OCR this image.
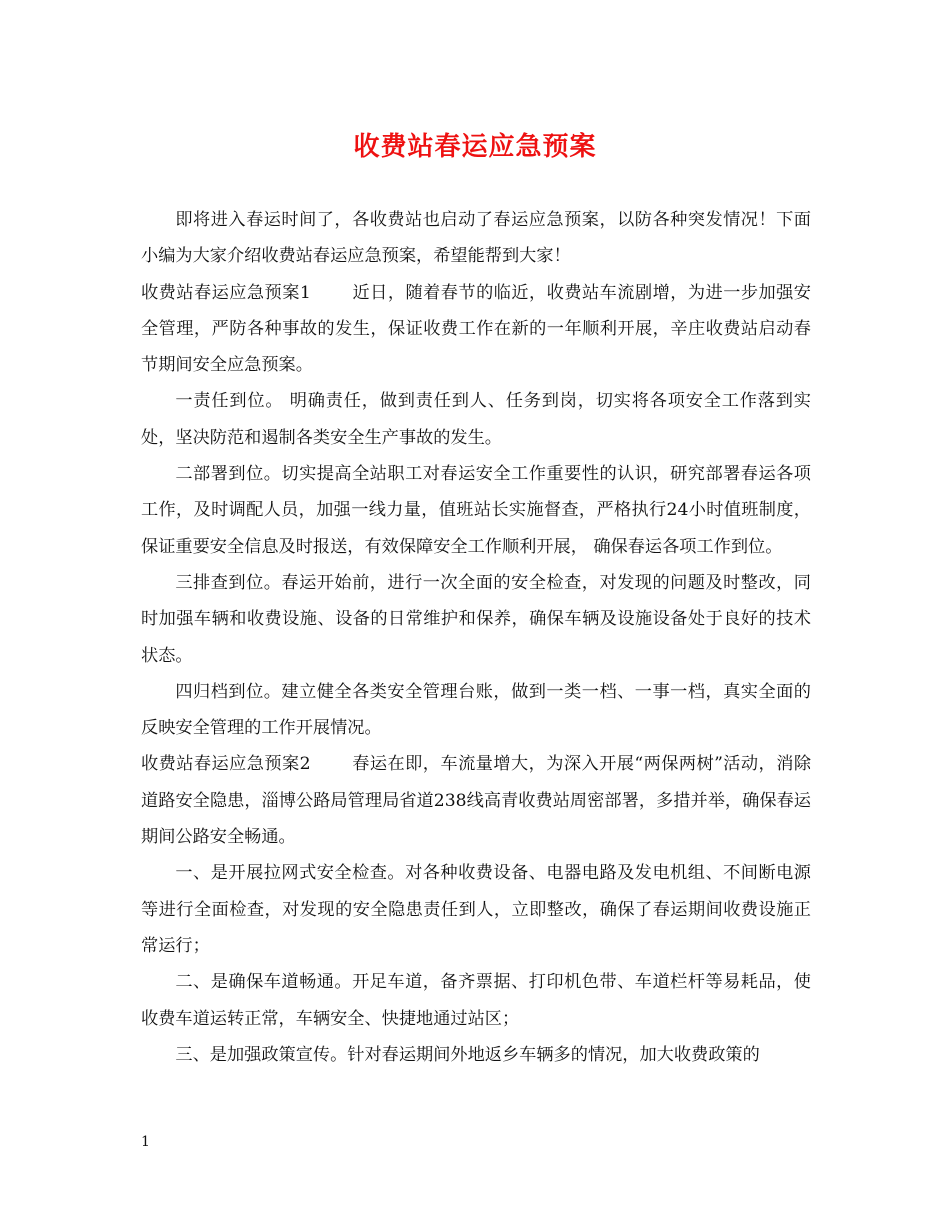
收费站春运应急预案

即将进入春运时间了，各收费站也启动了春运应急预案，以防各种突发情况！下面小编为大家介绍收费站春运应急预案，希望能帮到大家！

收费站春运应急预案1 近日，随着春节的临近，收费站车流剧增，为进一步加强安全管理，严防各种事故的发生，保证收费工作在新的一年顺利开展，辛庄收费站启动春节期间安全应急预案。

一责任到位。 明确责任，做到责任到人、任务到岗，切实将各项安全工作落到实处，坚决防范和遏制各类安全生产事故的发生。

二部署到位。切实提高全站职工对春运安全工作重要性的认识，研究部署春运各项工作，及时调配人员，加强一线力量，值班站长实施督查，严格执行24小时值班制度，保证重要安全信息及时报送，有效保障安全工作顺利开展， 确保春运各项工作到位。

三排查到位。春运开始前，进行一次全面的安全检查，对发现的问题及时整改，同时加强车辆和收费设施、设备的日常维护和保养，确保车辆及设施设备处于良好的技术状态。

四归档到位。建立健全各类安全管理台账，做到一类一档、一事一档，真实全面的反映安全管理的工作开展情况。

收费站春运应急预案2 春运在即，车流量增大，为深入开展“两保两树”活动，消除道路安全隐患，淄博公路局管理局省道238线高青收费站周密部署，多措并举，确保春运期间公路安全畅通。

一、是开展拉网式安全检查。对各种收费设备、电器电路及发电机组、不间断电源等进行全面检查，对发现的安全隐患责任到人，立即整改，确保了春运期间收费设施正常运行；

二、是确保车道畅通。开足车道，备齐票据、打印机色带、车道栏杆等易耗品，使收费车道运转正常，车辆安全、快捷地通过站区；

三、是加强政策宣传。针对春运期间外地返乡车辆多的情况，加大收费政策的

1
